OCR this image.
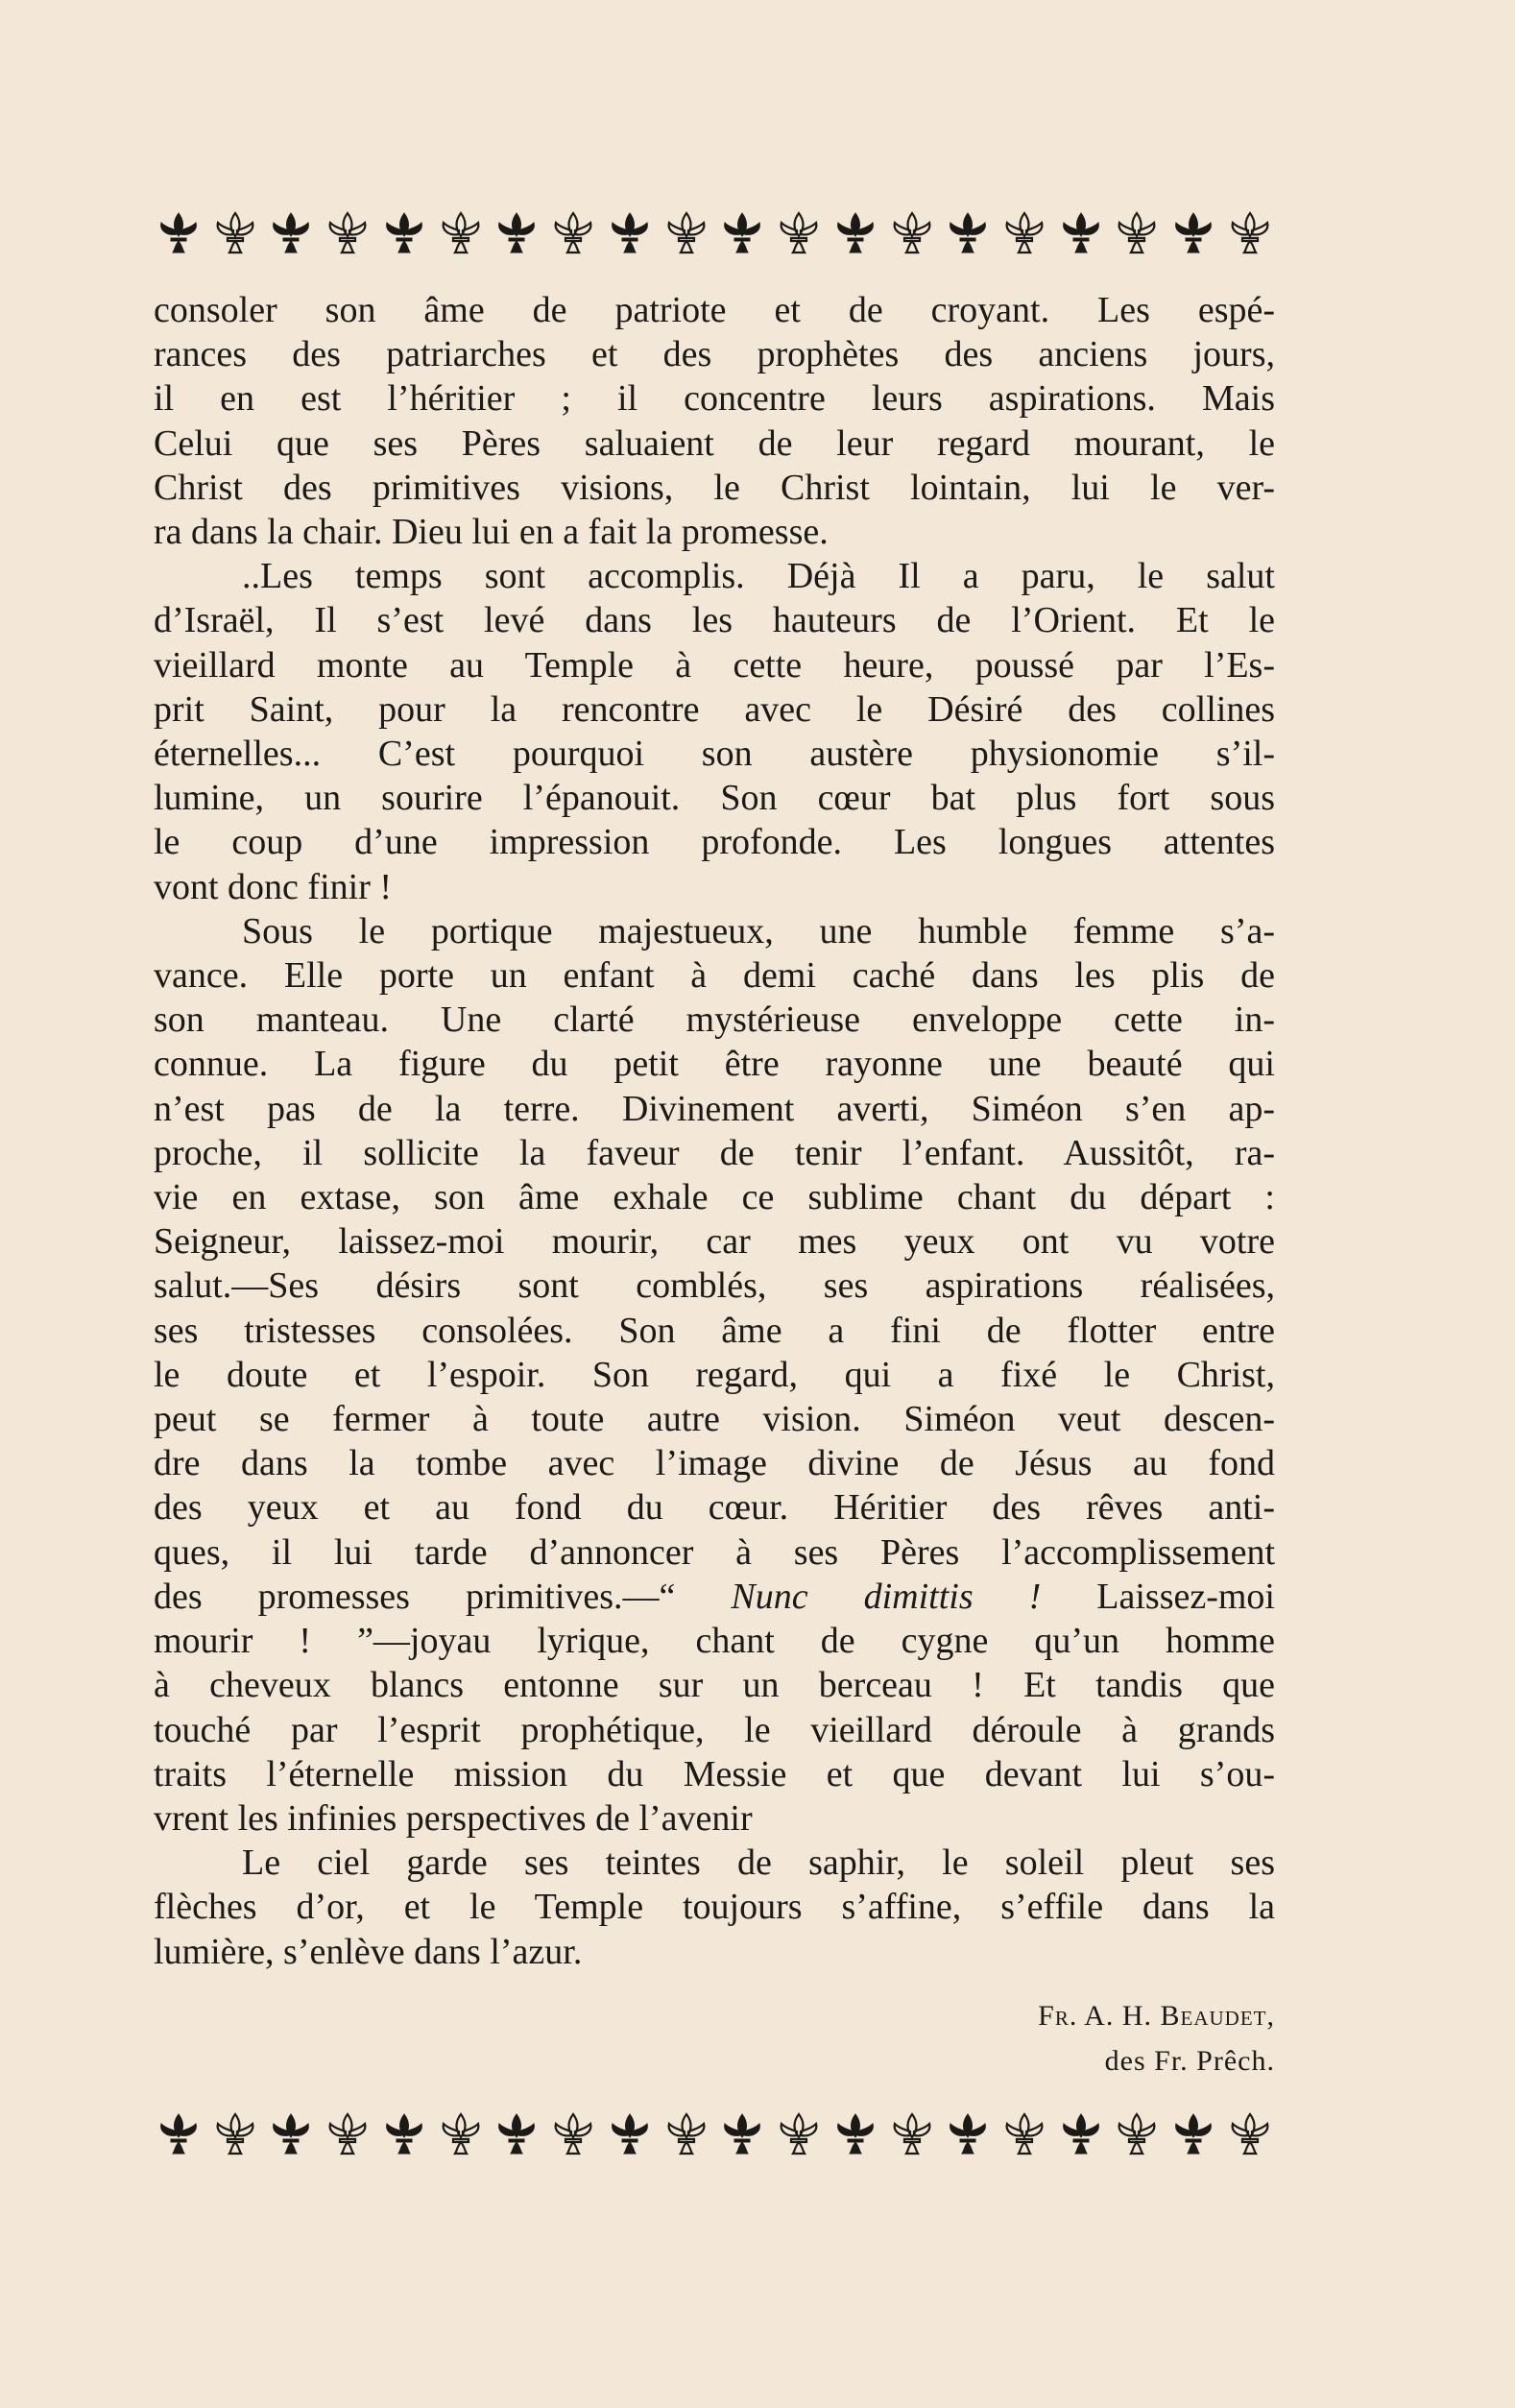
consoler son âme de patriote et de croyant. Les espé-
rances des patriarches et des prophètes des anciens jours,
il en est l’héritier ; il concentre leurs aspirations. Mais
Celui que ses Pères saluaient de leur regard mourant, le
Christ des primitives visions, le Christ lointain, lui le ver-
ra dans la chair. Dieu lui en a fait la promesse.
..Les temps sont accomplis. Déjà Il a paru, le salut
d’Israël, Il s’est levé dans les hauteurs de l’Orient. Et le
vieillard monte au Temple à cette heure, poussé par l’Es-
prit Saint, pour la rencontre avec le Désiré des collines
éternelles... C’est pourquoi son austère physionomie s’il-
lumine, un sourire l’épanouit. Son cœur bat plus fort sous
le coup d’une impression profonde. Les longues attentes
vont donc finir !
Sous le portique majestueux, une humble femme s’a-
vance. Elle porte un enfant à demi caché dans les plis de
son manteau. Une clarté mystérieuse enveloppe cette in-
connue. La figure du petit être rayonne une beauté qui
n’est pas de la terre. Divinement averti, Siméon s’en ap-
proche, il sollicite la faveur de tenir l’enfant. Aussitôt, ra-
vie en extase, son âme exhale ce sublime chant du départ :
Seigneur, laissez-moi mourir, car mes yeux ont vu votre
salut.—Ses désirs sont comblés, ses aspirations réalisées,
ses tristesses consolées. Son âme a fini de flotter entre
le doute et l’espoir. Son regard, qui a fixé le Christ,
peut se fermer à toute autre vision. Siméon veut descen-
dre dans la tombe avec l’image divine de Jésus au fond
des yeux et au fond du cœur. Héritier des rêves anti-
ques, il lui tarde d’annoncer à ses Pères l’accomplissement
des promesses primitives.—“ Nunc dimittis ! Laissez-moi
mourir ! ”—joyau lyrique, chant de cygne qu’un homme
à cheveux blancs entonne sur un berceau ! Et tandis que
touché par l’esprit prophétique, le vieillard déroule à grands
traits l’éternelle mission du Messie et que devant lui s’ou-
vrent les infinies perspectives de l’avenir
Le ciel garde ses teintes de saphir, le soleil pleut ses
flèches d’or, et le Temple toujours s’affine, s’effile dans la
lumière, s’enlève dans l’azur.
Fr. A. H. Beaudet,
des Fr. Prêch.
